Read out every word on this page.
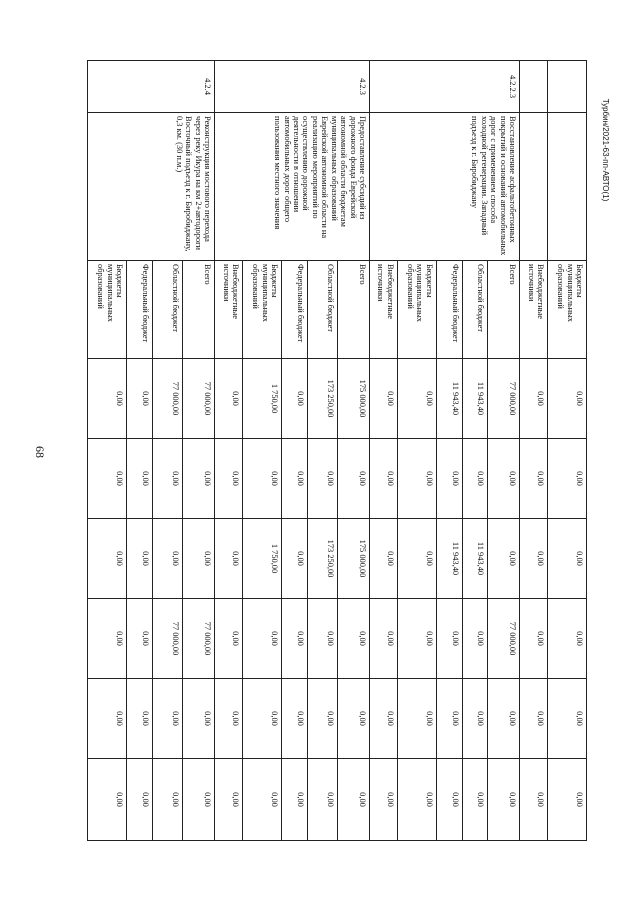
68
Турбин/2021-63-пп-АВТО(1)
		Бюджеты муниципальных образований	0,00	0,00	0,00	0,00	0,00	0,00
		Внебюджетные источники	0,00	0,00	0,00	0,00	0,00	0,00
4.2.2.3	Восстановление асфальтобетонных покрытий и оснований автомобильных дорог с применением способа холодной регенерации. Западный подъезд к г. Биробиджану	Всего	77 000,00	0,00	0,00	77 000,00	0,00	0,00
		Областной бюджет	11 943,40	0,00	11 943,40	0,00	0,00	0,00
		Федеральный бюджет	11 943,40	0,00	11 943,40	0,00	0,00	0,00
		Бюджеты муниципальных образований	0,00	0,00	0,00	0,00	0,00	0,00
		Внебюджетные источники	0,00	0,00	0,00	0,00	0,00	0,00
4.2.3	Предоставление субсидий из дорожного фонда Еврейской автономной области бюджетам муниципальных образований Еврейской автономной области на реализацию мероприятий по осуществлению дорожной деятельности в отношении автомобильных дорог общего пользования местного значения	Всего	175 000,00	0,00	175 000,00	0,00	0,00	0,00
		Областной бюджет	173 250,00	0,00	173 250,00	0,00	0,00	0,00
		Федеральный бюджет	0,00	0,00	0,00	0,00	0,00	0,00
		Бюджеты муниципальных образований	1 750,00	0,00	1 750,00	0,00	0,00	0,00
		Внебюджетные источники	0,00	0,00	0,00	0,00	0,00	0,00
4.2.4	Реконструкция мостового перехода через реку Икура на км 2+автодороги Восточный подъезд к г. Биробиджану, 0,3 км. (30 п.м.)	Всего	77 000,00	0,00	0,00	77 000,00	0,00	0,00
		Областной бюджет	77 000,00	0,00	0,00	77 000,00	0,00	0,00
		Федеральный бюджет	0,00	0,00	0,00	0,00	0,00	0,00
		Бюджеты муниципальных образований	0,00	0,00	0,00	0,00	0,00	0,00
